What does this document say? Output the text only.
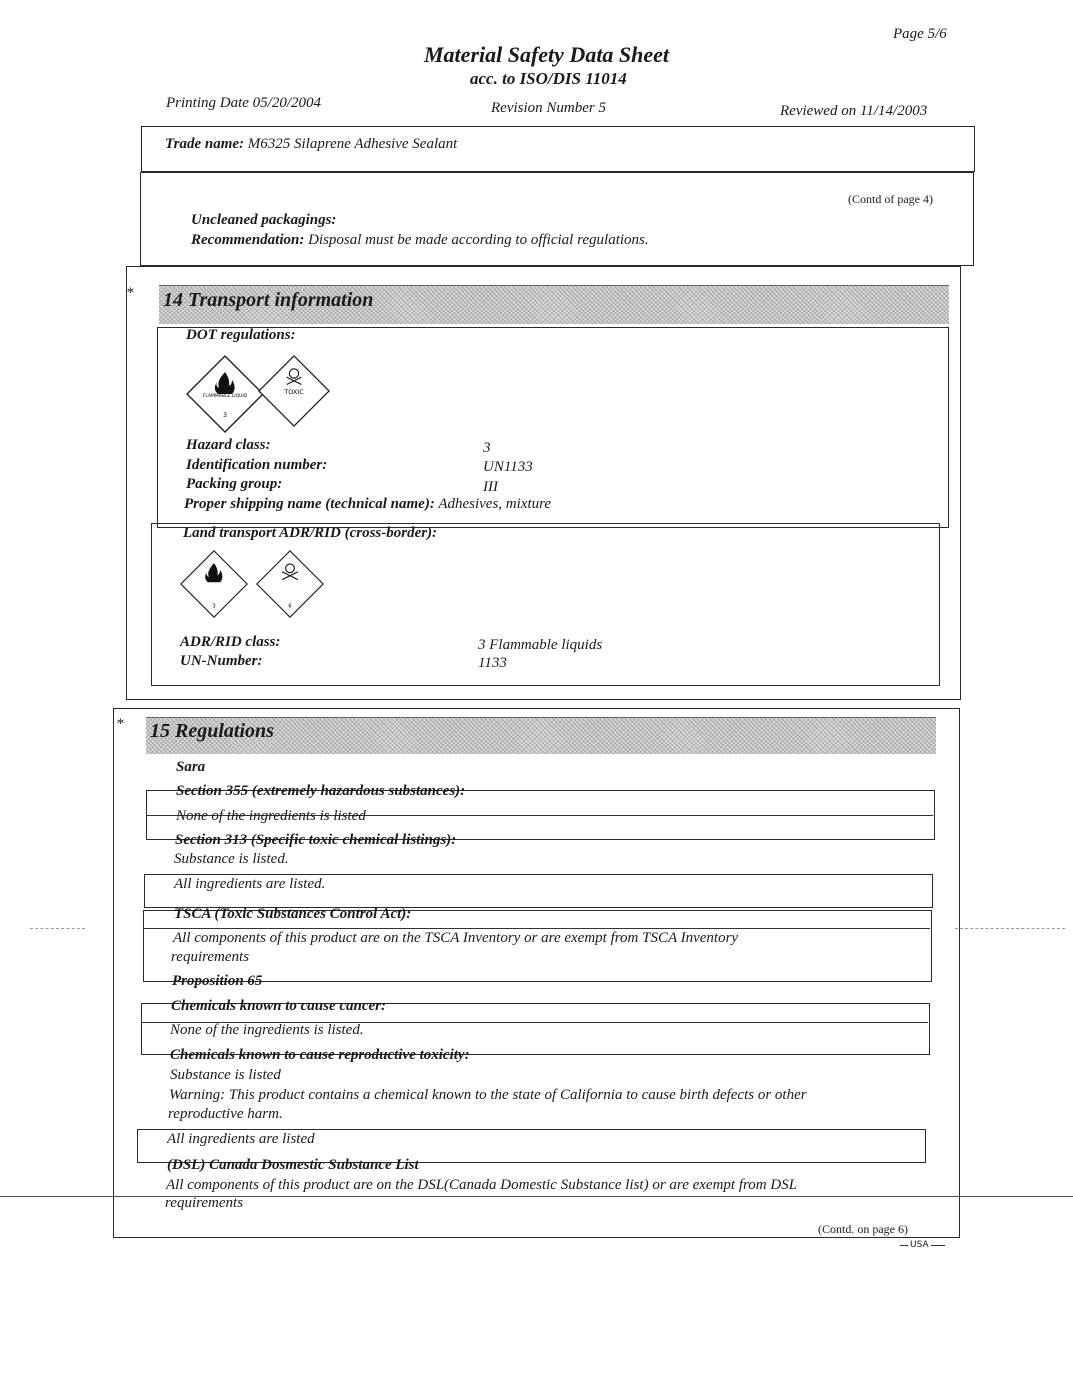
Page 5/6
Material Safety Data Sheet
acc. to ISO/DIS 11014
Printing Date 05/20/2004	Revision Number 5	Reviewed on 11/14/2003
Trade name: M6325 Silaprene Adhesive Sealant
(Contd of page 4)
Uncleaned packagings:
Recommendation: Disposal must be made according to official regulations.
* 14 Transport information
DOT regulations:
FLAMMABLE LIQUID
3
TOXIC
Hazard class:	3
Identification number:	UN1133
Packing group:	III
Proper shipping name (technical name): Adhesives, mixture
Land transport ADR/RID (cross-border):
3	6
ADR/RID class:	3 Flammable liquids
UN-Number:	1133
* 15 Regulations
Sara
Section 355 (extremely hazardous substances):
None of the ingredients is listed
Section 313 (Specific toxic chemical listings):
Substance is listed.
All ingredients are listed.
TSCA (Toxic Substances Control Act):
All components of this product are on the TSCA Inventory or are exempt from TSCA Inventory
requirements
Proposition 65
Chemicals known to cause cancer:
None of the ingredients is listed.
Chemicals known to cause reproductive toxicity:
Substance is listed
Warning: This product contains a chemical known to the state of California to cause birth defects or other
reproductive harm.
All ingredients are listed
(DSL) Canada Dosmestic Substance List
All components of this product are on the DSL(Canada Domestic Substance list) or are exempt from DSL
requirements
(Contd. on page 6)
USA
